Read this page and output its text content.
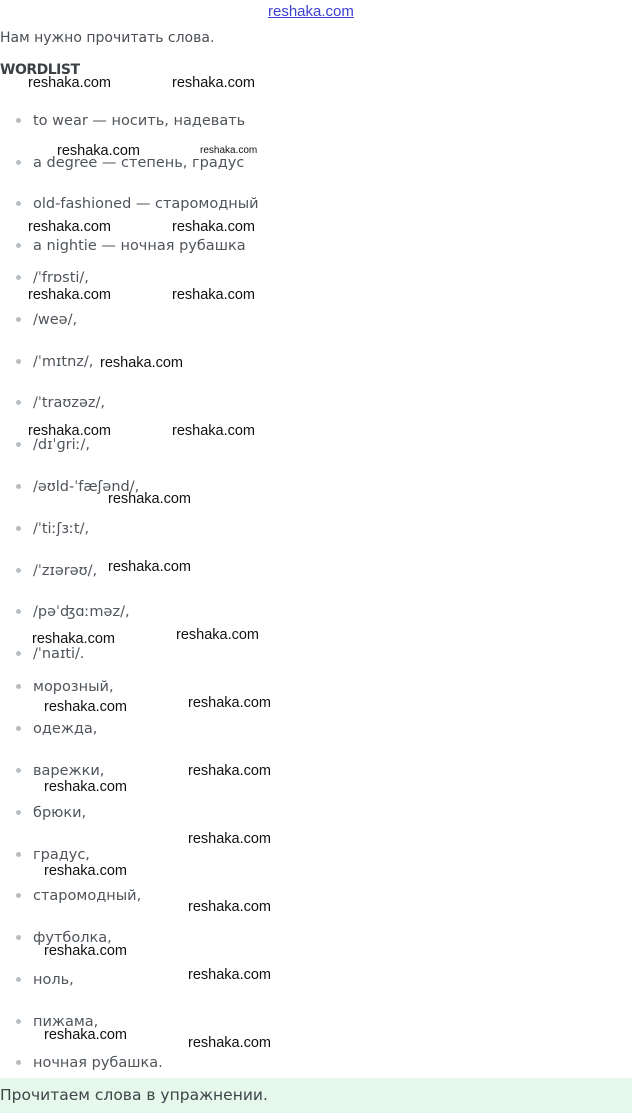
reshaka.com
Нам нужно прочитать слова.
WORDLIST
to wear — носить, надевать
a degree — степень, градус
old-fashioned — старомодный
a nightie — ночная рубашка
/ˈfrɒsti/,
/weə/,
/ˈmɪtnz/,
/ˈtraʊzəz/,
/dɪˈɡriː/,
/əʊld-ˈfæʃənd/,
/ˈtiːʃɜːt/,
/ˈzɪərəʊ/,
/pəˈʤɑːməz/,
/ˈnaɪti/.
морозный,
одежда,
варежки,
брюки,
градус,
старомодный,
футболка,
ноль,
пижама,
ночная рубашка.
reshaka.com	reshaka.com
reshaka.com	reshaka.com
reshaka.com	reshaka.com
reshaka.com	reshaka.com
reshaka.com
reshaka.com	reshaka.com
reshaka.com
reshaka.com
reshaka.com	reshaka.com
reshaka.com	reshaka.com
reshaka.com
reshaka.com
reshaka.com
reshaka.com
reshaka.com
reshaka.com
reshaka.com
reshaka.com	reshaka.com
Прочитаем слова в упражнении.
